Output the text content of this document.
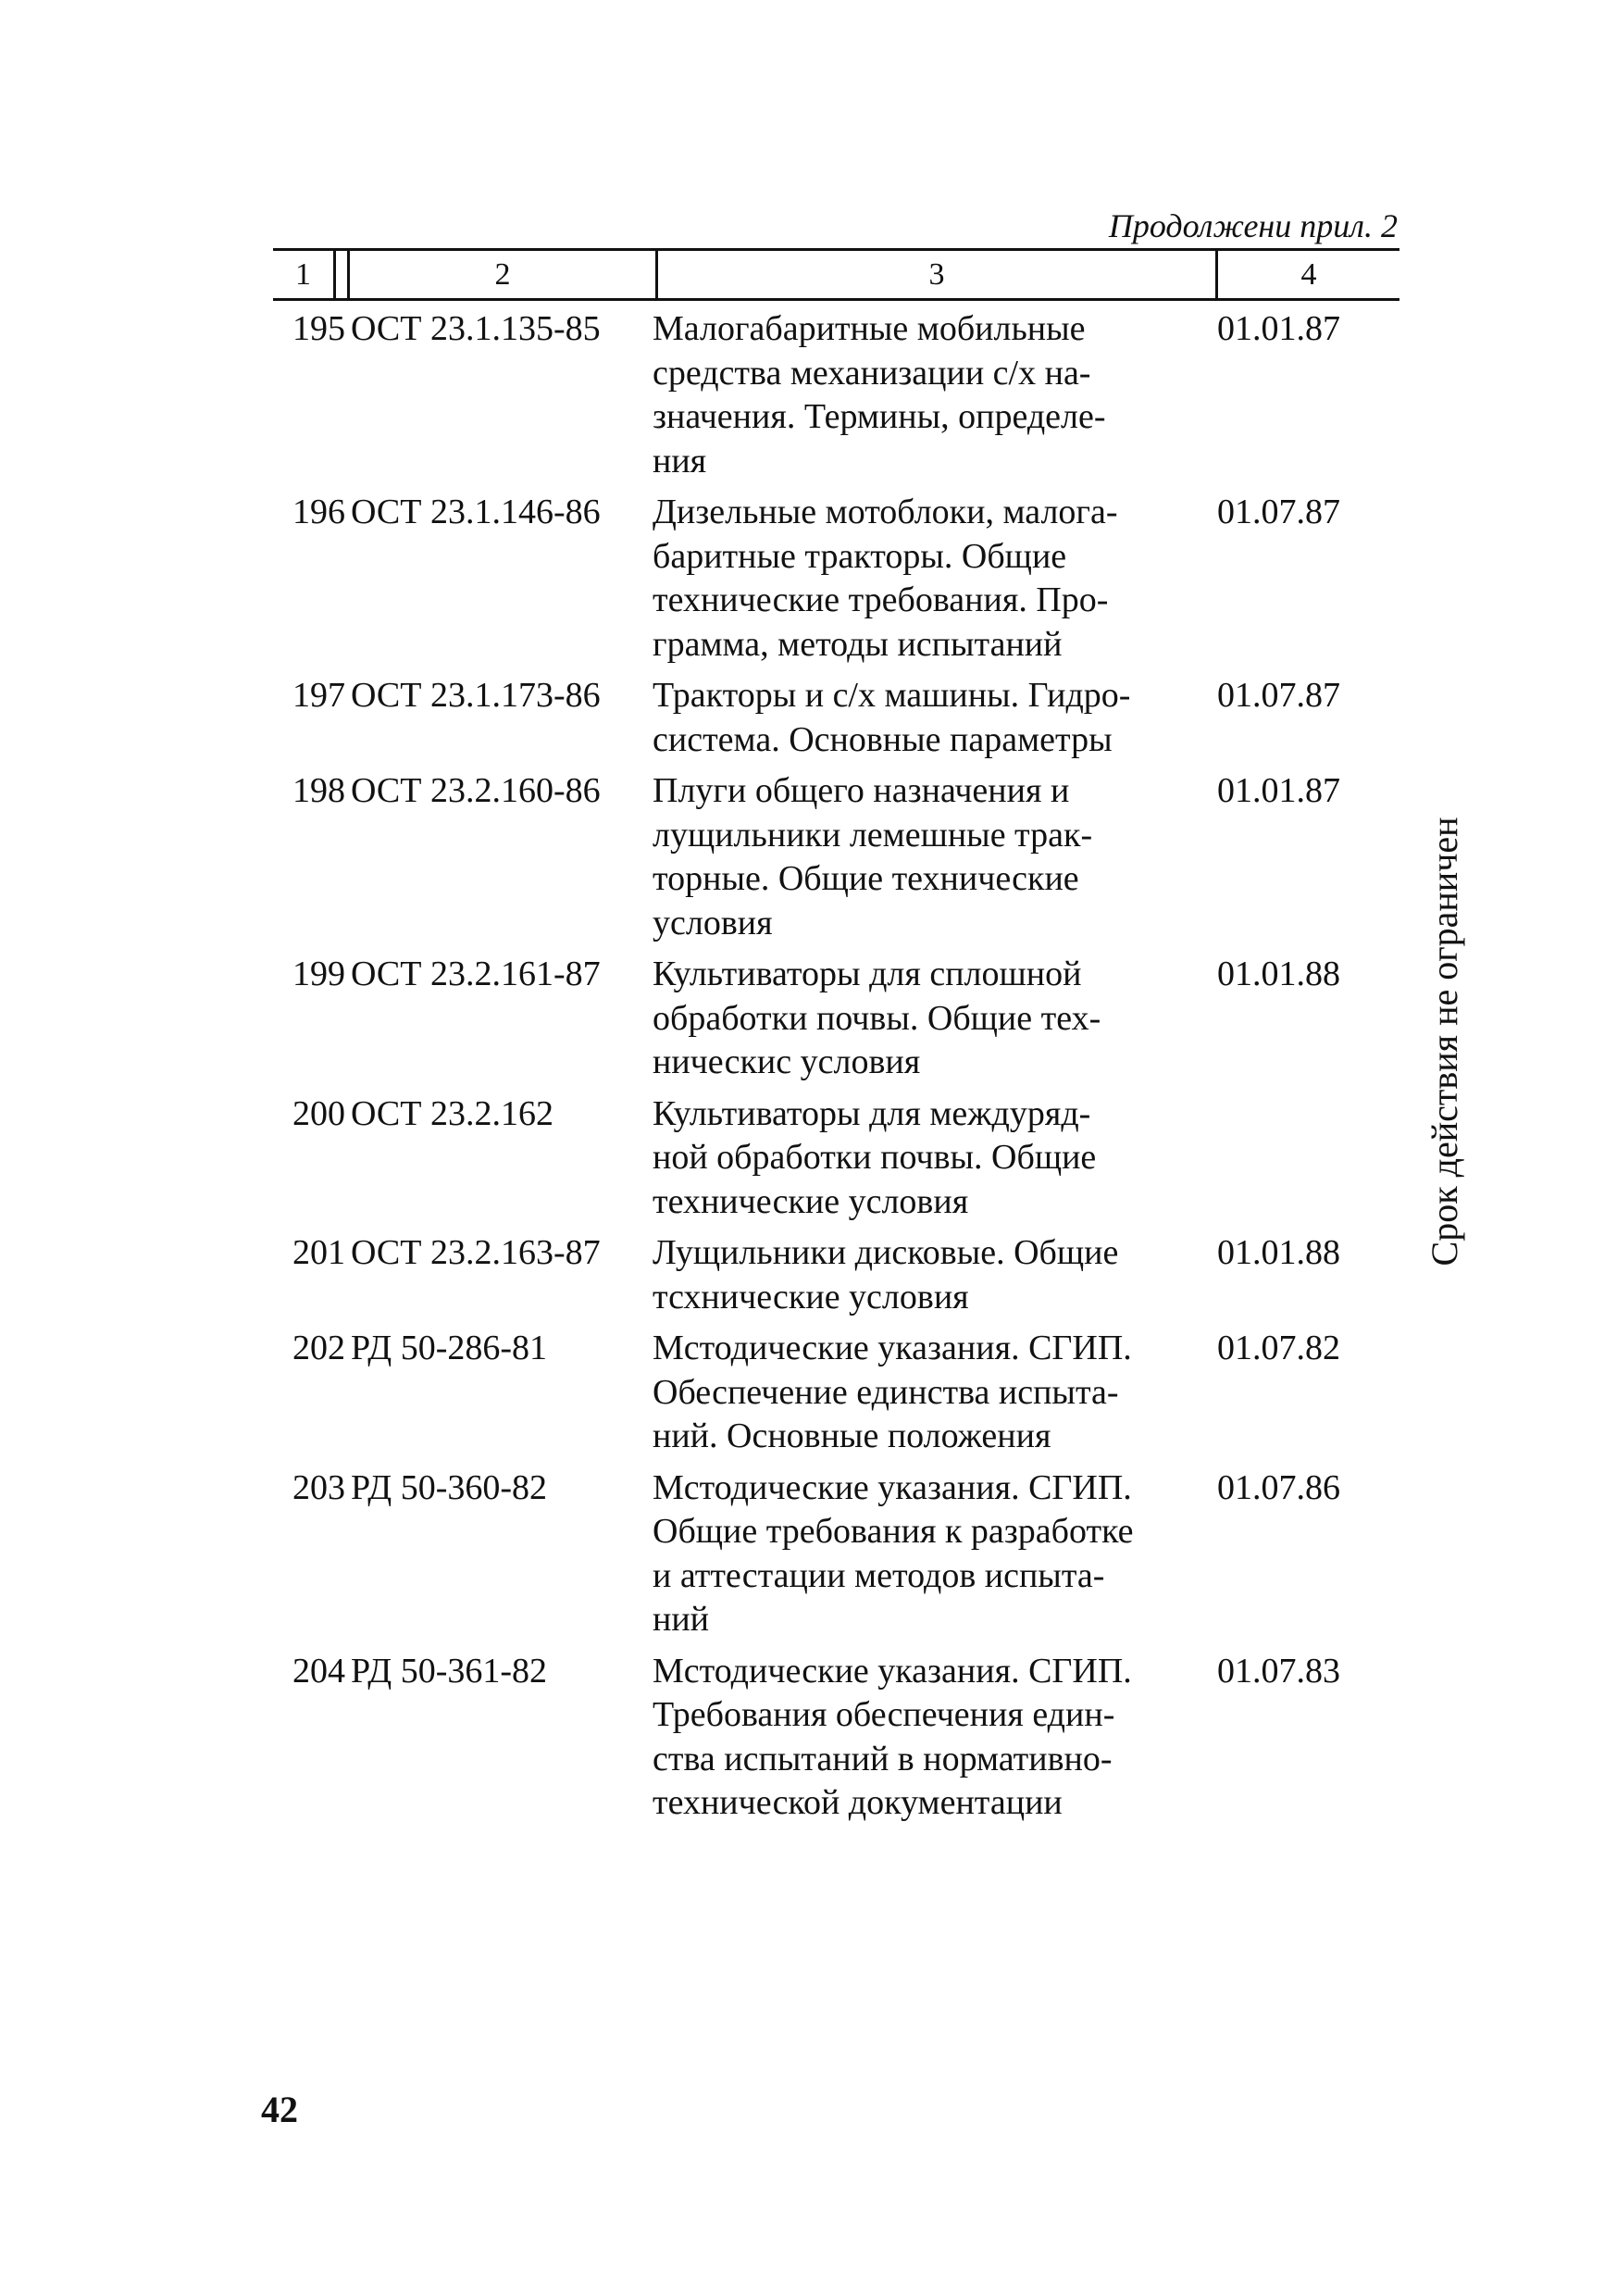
Продолжени прил. 2
1	2	3	4
195 ОСТ 23.1.135-85	Малогабаритные мобильные
средства механизации с/х на-
значения. Термины, определе-
ния
01.01.87
196 ОСТ 23.1.146-86	Дизельные мотоблоки, малога-
баритные тракторы. Общие
технические требования. Про-
грамма, методы испытаний
01.07.87
197 ОСТ 23.1.173-86	Тракторы и с/х машины. Гидро-
система. Основные параметры
01.07.87
198 ОСТ 23.2.160-86	Плуги общего назначения и
лущильники лемешные трак-
торные. Общие технические
условия
01.01.87
199 ОСТ 23.2.161-87	Культиваторы для сплошной
обработки почвы. Общие тех-
ническис условия
01.01.88
200 ОСТ 23.2.162	Культиваторы для междуряд-
ной обработки почвы. Общие
технические условия
201 ОСТ 23.2.163-87	Лущильники дисковые. Общие
тсхнические условия
01.01.88
202 РД 50-286-81	Мстодические указания. СГИП.
Обеспечение единства испыта-
ний. Основные положения
01.07.82
203 РД 50-360-82	Мстодические указания. СГИП.
Общие требования к разработке
и аттестации методов испыта-
ний
01.07.86
204 РД 50-361-82	Мстодические указания. СГИП.
Требования обеспечения един-
ства испытаний в нормативно-
технической документации
01.07.83
Срок действия не ограничен
42
